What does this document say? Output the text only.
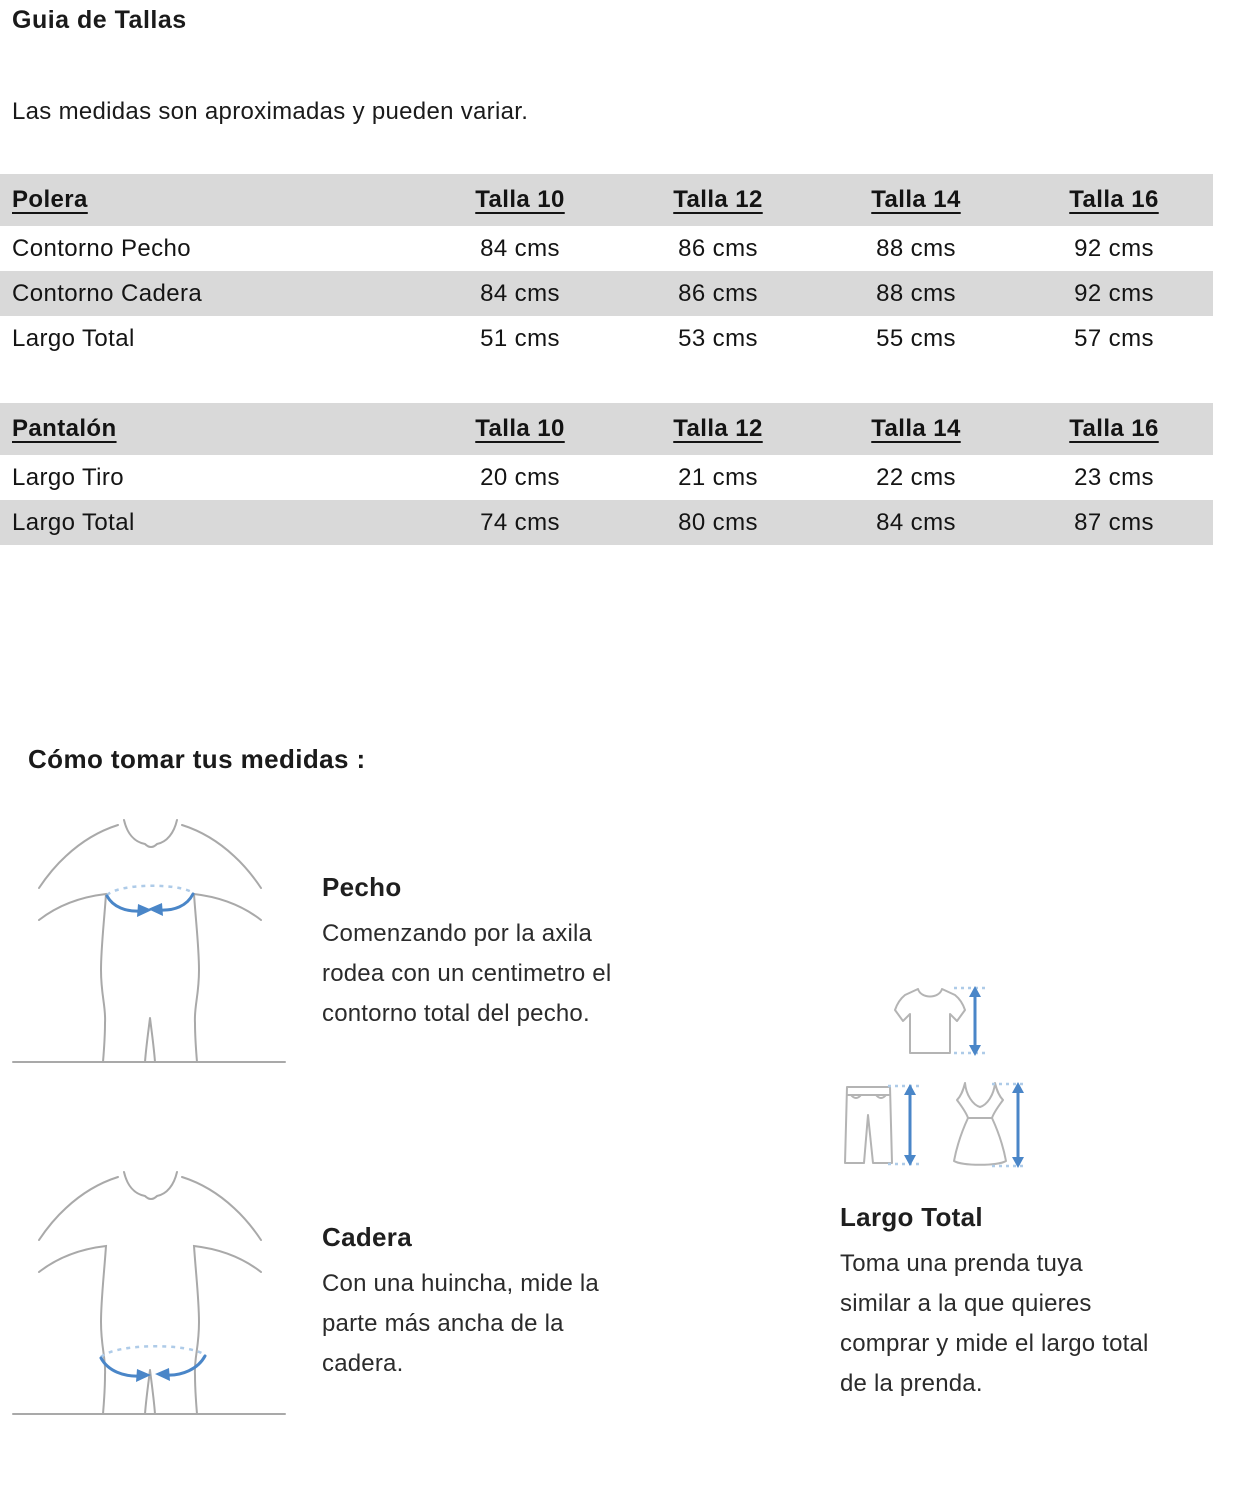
Guia de Tallas
Las medidas son aproximadas y pueden variar.
Polera	Talla 10	Talla 12	Talla 14	Talla 16
Contorno Pecho	84 cms	86 cms	88 cms	92 cms
Contorno Cadera	84 cms	86 cms	88 cms	92 cms
Largo Total	51 cms	53 cms	55 cms	57 cms
Pantalón	Talla 10	Talla 12	Talla 14	Talla 16
Largo Tiro	20 cms	21 cms	22 cms	23 cms
Largo Total	74 cms	80 cms	84 cms	87 cms
Cómo tomar tus medidas :
Pecho
Comenzando por la axila
rodea con un centimetro el
contorno total del pecho.
Largo Total
Toma una prenda tuya
similar a la que quieres
comprar y mide el largo total
de la prenda.
Cadera
Con una huincha, mide la
parte más ancha de la
cadera.
